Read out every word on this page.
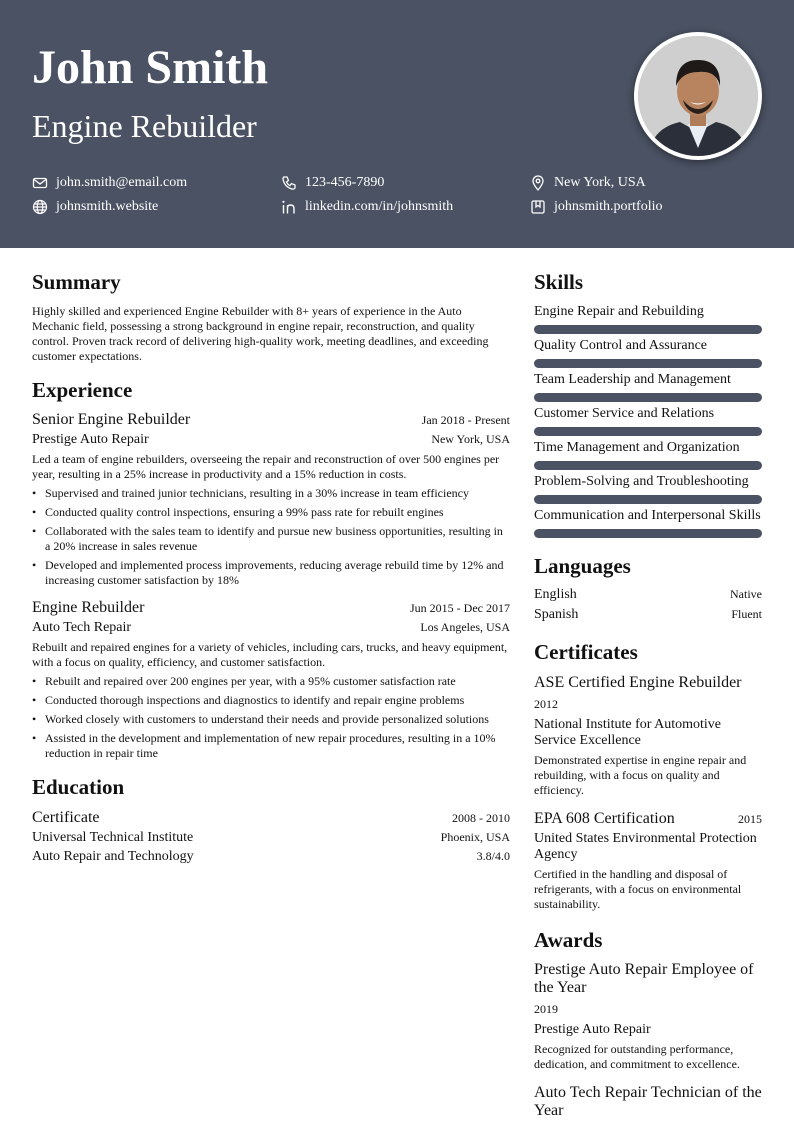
John Smith
Engine Rebuilder
john.smith@email.com	123-456-7890	New York, USA
johnsmith.website	linkedin.com/in/johnsmith	johnsmith.portfolio
Summary

Highly skilled and experienced Engine Rebuilder with 8+ years of experience in the Auto Mechanic field, possessing a strong background in engine repair, reconstruction, and quality control. Proven track record of delivering high-quality work, meeting deadlines, and exceeding customer expectations.

Experience
Senior Engine Rebuilder	Jan 2018 - Present
Prestige Auto Repair	New York, USA

Led a team of engine rebuilders, overseeing the repair and reconstruction of over 500 engines per year, resulting in a 25% increase in productivity and a 15% reduction in costs.

• Supervised and trained junior technicians, resulting in a 30% increase in team efficiency
• Conducted quality control inspections, ensuring a 99% pass rate for rebuilt engines
• Collaborated with the sales team to identify and pursue new business opportunities, resulting in a 20% increase in sales revenue
• Developed and implemented process improvements, reducing average rebuild time by 12% and increasing customer satisfaction by 18%
Engine Rebuilder	Jun 2015 - Dec 2017
Auto Tech Repair	Los Angeles, USA

Rebuilt and repaired engines for a variety of vehicles, including cars, trucks, and heavy equipment, with a focus on quality, efficiency, and customer satisfaction.

• Rebuilt and repaired over 200 engines per year, with a 95% customer satisfaction rate
• Conducted thorough inspections and diagnostics to identify and repair engine problems
• Worked closely with customers to understand their needs and provide personalized solutions
• Assisted in the development and implementation of new repair procedures, resulting in a 10% reduction in repair time
Education
Certificate	2008 - 2010
Universal Technical Institute	Phoenix, USA
Auto Repair and Technology	3.8/4.0
Skills
Engine Repair and Rebuilding
Quality Control and Assurance
Team Leadership and Management
Customer Service and Relations
Time Management and Organization
Problem-Solving and Troubleshooting
Communication and Interpersonal Skills
Languages
English	Native
Spanish	Fluent
Certificates
ASE Certified Engine Rebuilder
2012
National Institute for Automotive Service Excellence
Demonstrated expertise in engine repair and rebuilding, with a focus on quality and efficiency.
EPA 608 Certification	2015
United States Environmental Protection Agency
Certified in the handling and disposal of refrigerants, with a focus on environmental sustainability.
Awards
Prestige Auto Repair Employee of the Year
2019
Prestige Auto Repair
Recognized for outstanding performance, dedication, and commitment to excellence.
Auto Tech Repair Technician of the Year
